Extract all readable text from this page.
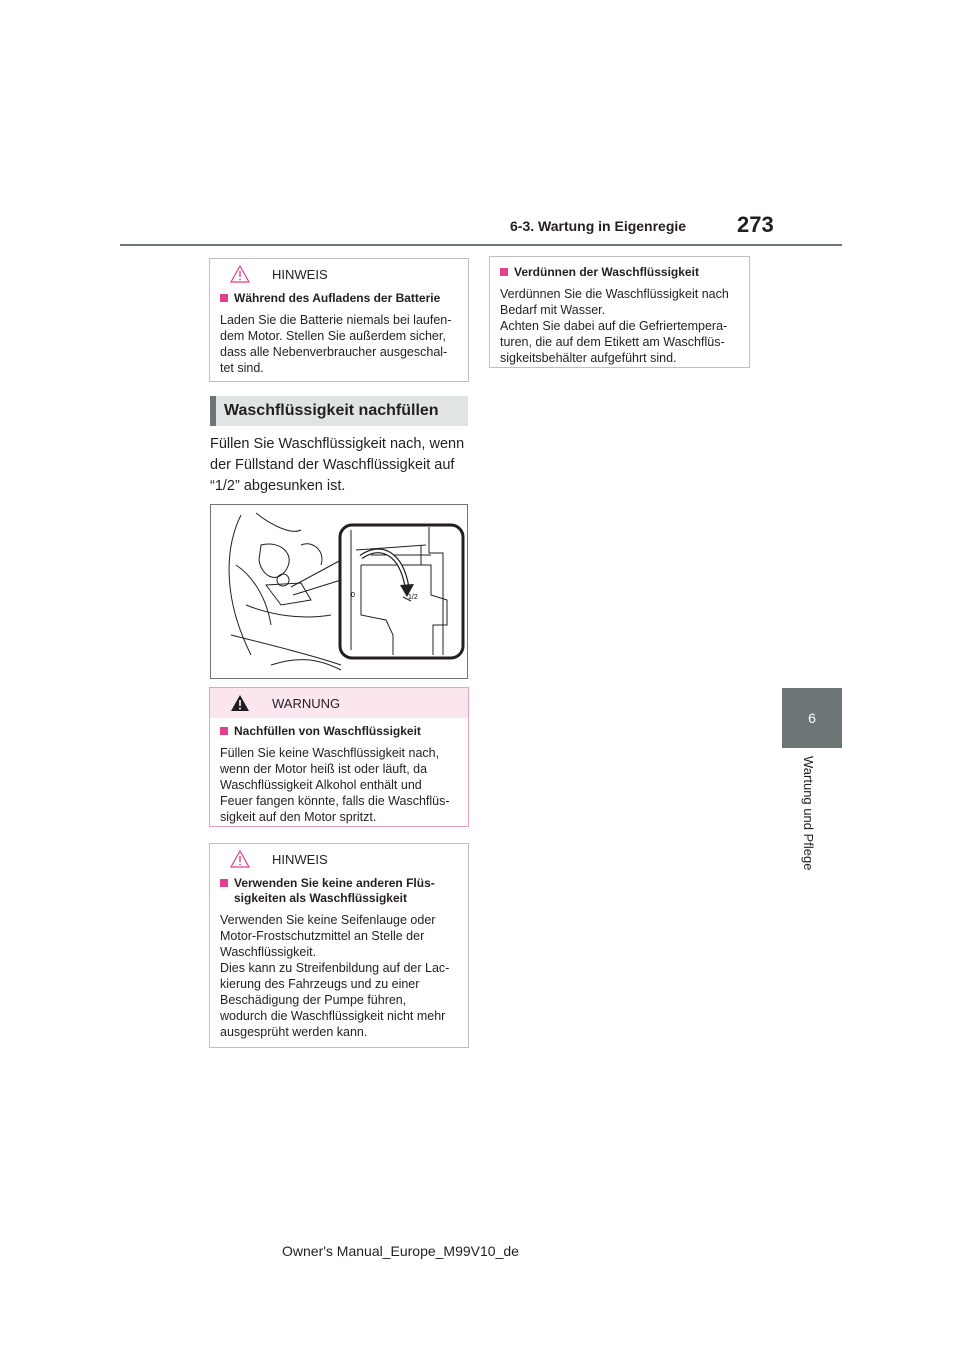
6-3. Wartung in Eigenregie 273
6
Wartung und Pflege
HINWEIS
Während des Aufladens der Batterie
Laden Sie die Batterie niemals bei laufen-
dem Motor. Stellen Sie außerdem sicher,
dass alle Nebenverbraucher ausgeschal-
tet sind.
Waschflüssigkeit nachfüllen
Füllen Sie Waschflüssigkeit nach, wenn
der Füllstand der Waschflüssigkeit auf
“1/2” abgesunken ist.
1/2
0
WARNUNG
Nachfüllen von Waschflüssigkeit
Füllen Sie keine Waschflüssigkeit nach,
wenn der Motor heiß ist oder läuft, da
Waschflüssigkeit Alkohol enthält und
Feuer fangen könnte, falls die Waschflüs-
sigkeit auf den Motor spritzt.
HINWEIS
Verwenden Sie keine anderen Flüs-
sigkeiten als Waschflüssigkeit
Verwenden Sie keine Seifenlauge oder
Motor-Frostschutzmittel an Stelle der
Waschflüssigkeit.
Dies kann zu Streifenbildung auf der Lac-
kierung des Fahrzeugs und zu einer
Beschädigung der Pumpe führen,
wodurch die Waschflüssigkeit nicht mehr
ausgesprüht werden kann.
Verdünnen der Waschflüssigkeit
Verdünnen Sie die Waschflüssigkeit nach
Bedarf mit Wasser.
Achten Sie dabei auf die Gefriertempera-
turen, die auf dem Etikett am Waschflüs-
sigkeitsbehälter aufgeführt sind.
Owner's Manual_Europe_M99V10_de
